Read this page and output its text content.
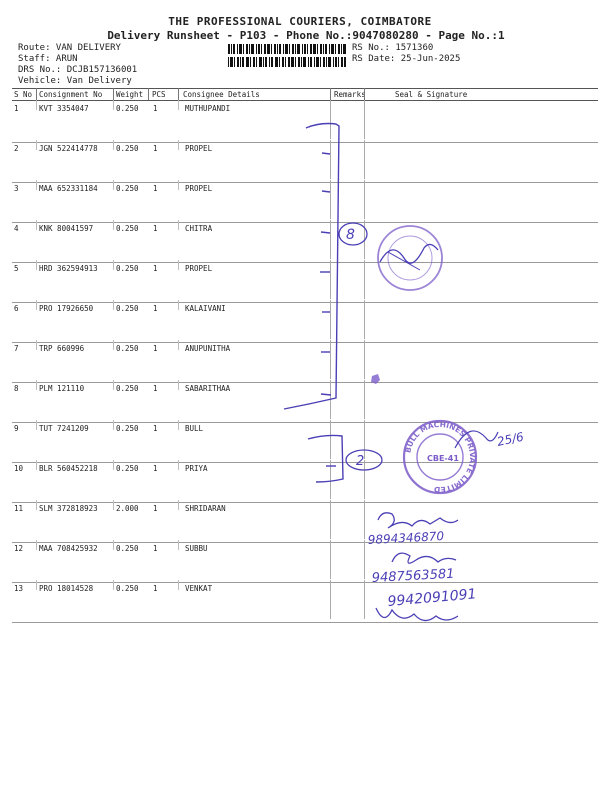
THE PROFESSIONAL COURIERS, COIMBATORE
Delivery Runsheet - P103 - Phone No.:9047080280 - Page No.:1
Route: VAN DELIVERY
Staff: ARUN
DRS No.: DCJB157136001
Vehicle: Van Delivery
RS No.: 1571360
RS Date: 25-Jun-2025
S No Consignment No Weight PCS Consignee Details	Remarks	Seal & Signature
1	KVT 3354047	0.250 1	MUTHUPANDI
2	JGN 522414778 0.250 1	PROPEL
3	MAA 652331184 0.250 1	PROPEL
4	KNK 80041597	0.250 1	CHITRA
5	HRD 362594913 0.250 1	PROPEL
6	PRO 17926650	0.250 1	KALAIVANI
7	TRP 660996	0.250 1	ANUPUNITHA
8	PLM 121110	0.250 1	SABARITHAA
9	TUT 7241209	0.250 1	BULL
10 BLR 560452218 0.250 1	PRIYA
11 SLM 372818923 2.000 1	SHRIDARAN
12 MAA 708425932 0.250 1	SUBBU
13 PRO 18014528	0.250 1	VENKAT
8
2
BULL MACHINES PRIVATE LIMITED
CBE-41
25/6
9894346870
9487563581
9942091091
